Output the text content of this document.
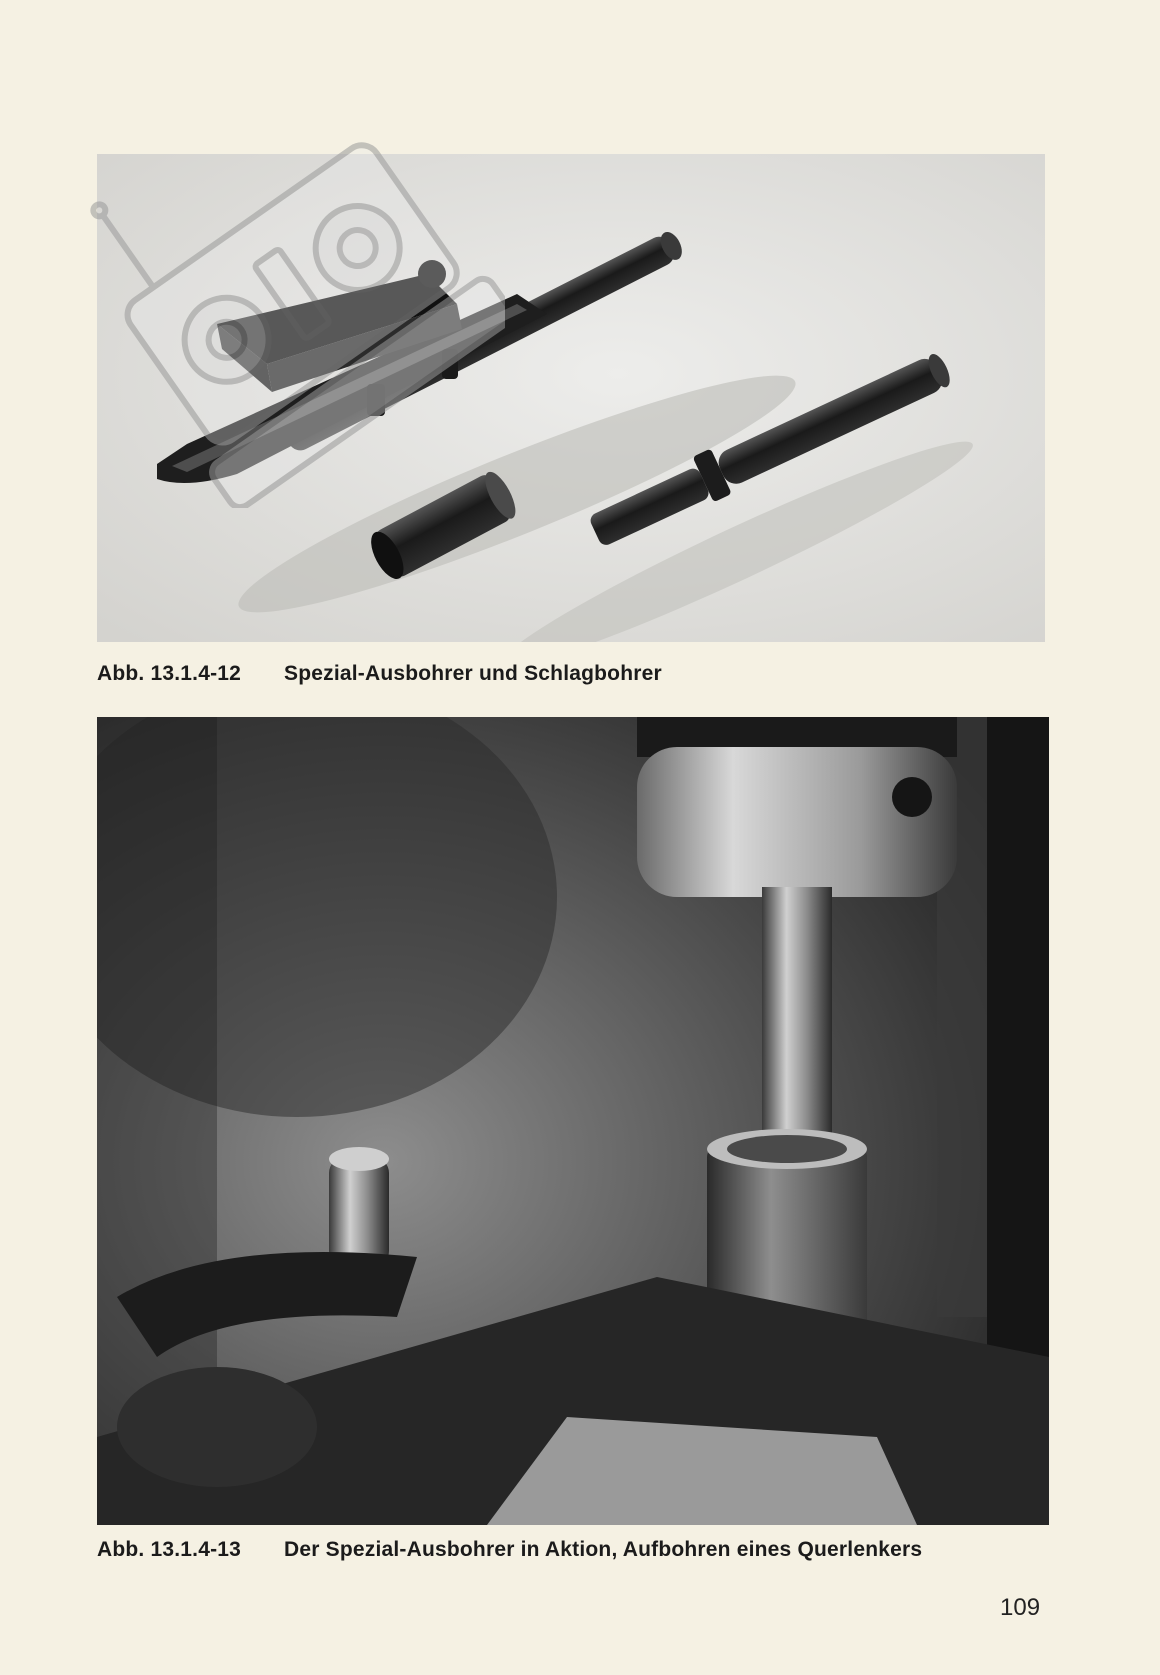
Abb. 13.1.4-12 Spezial-Ausbohrer und Schlagbohrer
Abb. 13.1.4-13 Der Spezial-Ausbohrer in Aktion, Aufbohren eines Querlenkers
109
